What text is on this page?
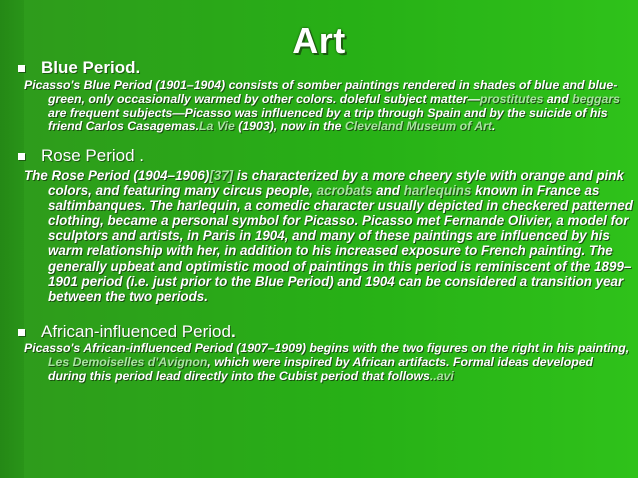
Art
Blue Period.
Picasso's Blue Period (1901–1904) consists of somber paintings rendered in shades of blue and blue-green, only occasionally warmed by other colors. doleful subject matter—prostitutes and beggars are frequent subjects—Picasso was influenced by a trip through Spain and by the suicide of his friend Carlos Casagemas.La Vie (1903), now in the Cleveland Museum of Art.
Rose Period .
The Rose Period (1904–1906)[37] is characterized by a more cheery style with orange and pink colors, and featuring many circus people, acrobats and harlequins known in France as saltimbanques. The harlequin, a comedic character usually depicted in checkered patterned clothing, became a personal symbol for Picasso. Picasso met Fernande Olivier, a model for sculptors and artists, in Paris in 1904, and many of these paintings are influenced by his warm relationship with her, in addition to his increased exposure to French painting. The generally upbeat and optimistic mood of paintings in this period is reminiscent of the 1899–1901 period (i.e. just prior to the Blue Period) and 1904 can be considered a transition year between the two periods.
African-influenced Period .
Picasso's African-influenced Period (1907–1909) begins with the two figures on the right in his painting, Les Demoiselles d'Avignon, which were inspired by African artifacts. Formal ideas developed during this period lead directly into the Cubist period that follows..avi
